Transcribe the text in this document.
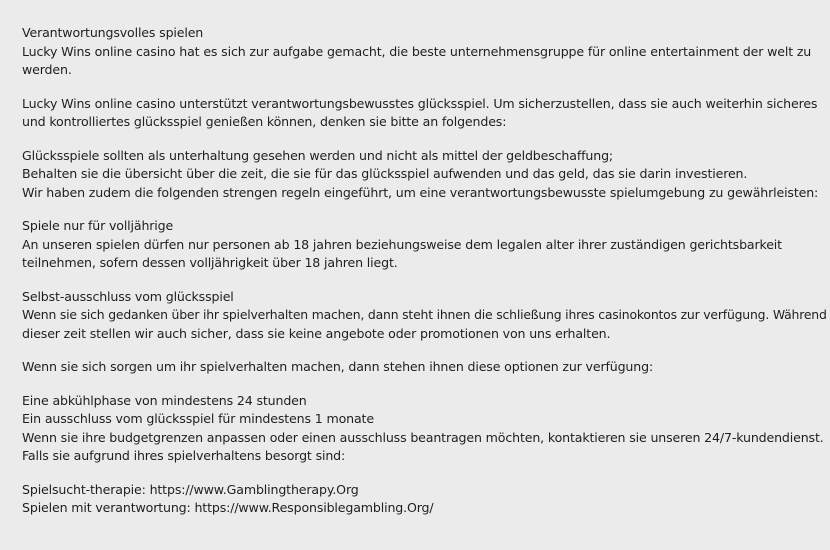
Verantwortungsvolles spielen
Lucky Wins online casino hat es sich zur aufgabe gemacht, die beste unternehmensgruppe für online entertainment der welt zu
werden.

Lucky Wins online casino unterstützt verantwortungsbewusstes glücksspiel. Um sicherzustellen, dass sie auch weiterhin sicheres
und kontrolliertes glücksspiel genießen können, denken sie bitte an folgendes:

Glücksspiele sollten als unterhaltung gesehen werden und nicht als mittel der geldbeschaffung;
Behalten sie die übersicht über die zeit, die sie für das glücksspiel aufwenden und das geld, das sie darin investieren.
Wir haben zudem die folgenden strengen regeln eingeführt, um eine verantwortungsbewusste spielumgebung zu gewährleisten:

Spiele nur für volljährige
An unseren spielen dürfen nur personen ab 18 jahren beziehungsweise dem legalen alter ihrer zuständigen gerichtsbarkeit
teilnehmen, sofern dessen volljährigkeit über 18 jahren liegt.

Selbst-ausschluss vom glücksspiel
Wenn sie sich gedanken über ihr spielverhalten machen, dann steht ihnen die schließung ihres casinokontos zur verfügung. Während
dieser zeit stellen wir auch sicher, dass sie keine angebote oder promotionen von uns erhalten.

Wenn sie sich sorgen um ihr spielverhalten machen, dann stehen ihnen diese optionen zur verfügung:

Eine abkühlphase von mindestens 24 stunden
Ein ausschluss vom glücksspiel für mindestens 1 monate
Wenn sie ihre budgetgrenzen anpassen oder einen ausschluss beantragen möchten, kontaktieren sie unseren 24/7-kundendienst.
Falls sie aufgrund ihres spielverhaltens besorgt sind:

Spielsucht-therapie: https://www.Gamblingtherapy.Org
Spielen mit verantwortung: https://www.Responsiblegambling.Org/
